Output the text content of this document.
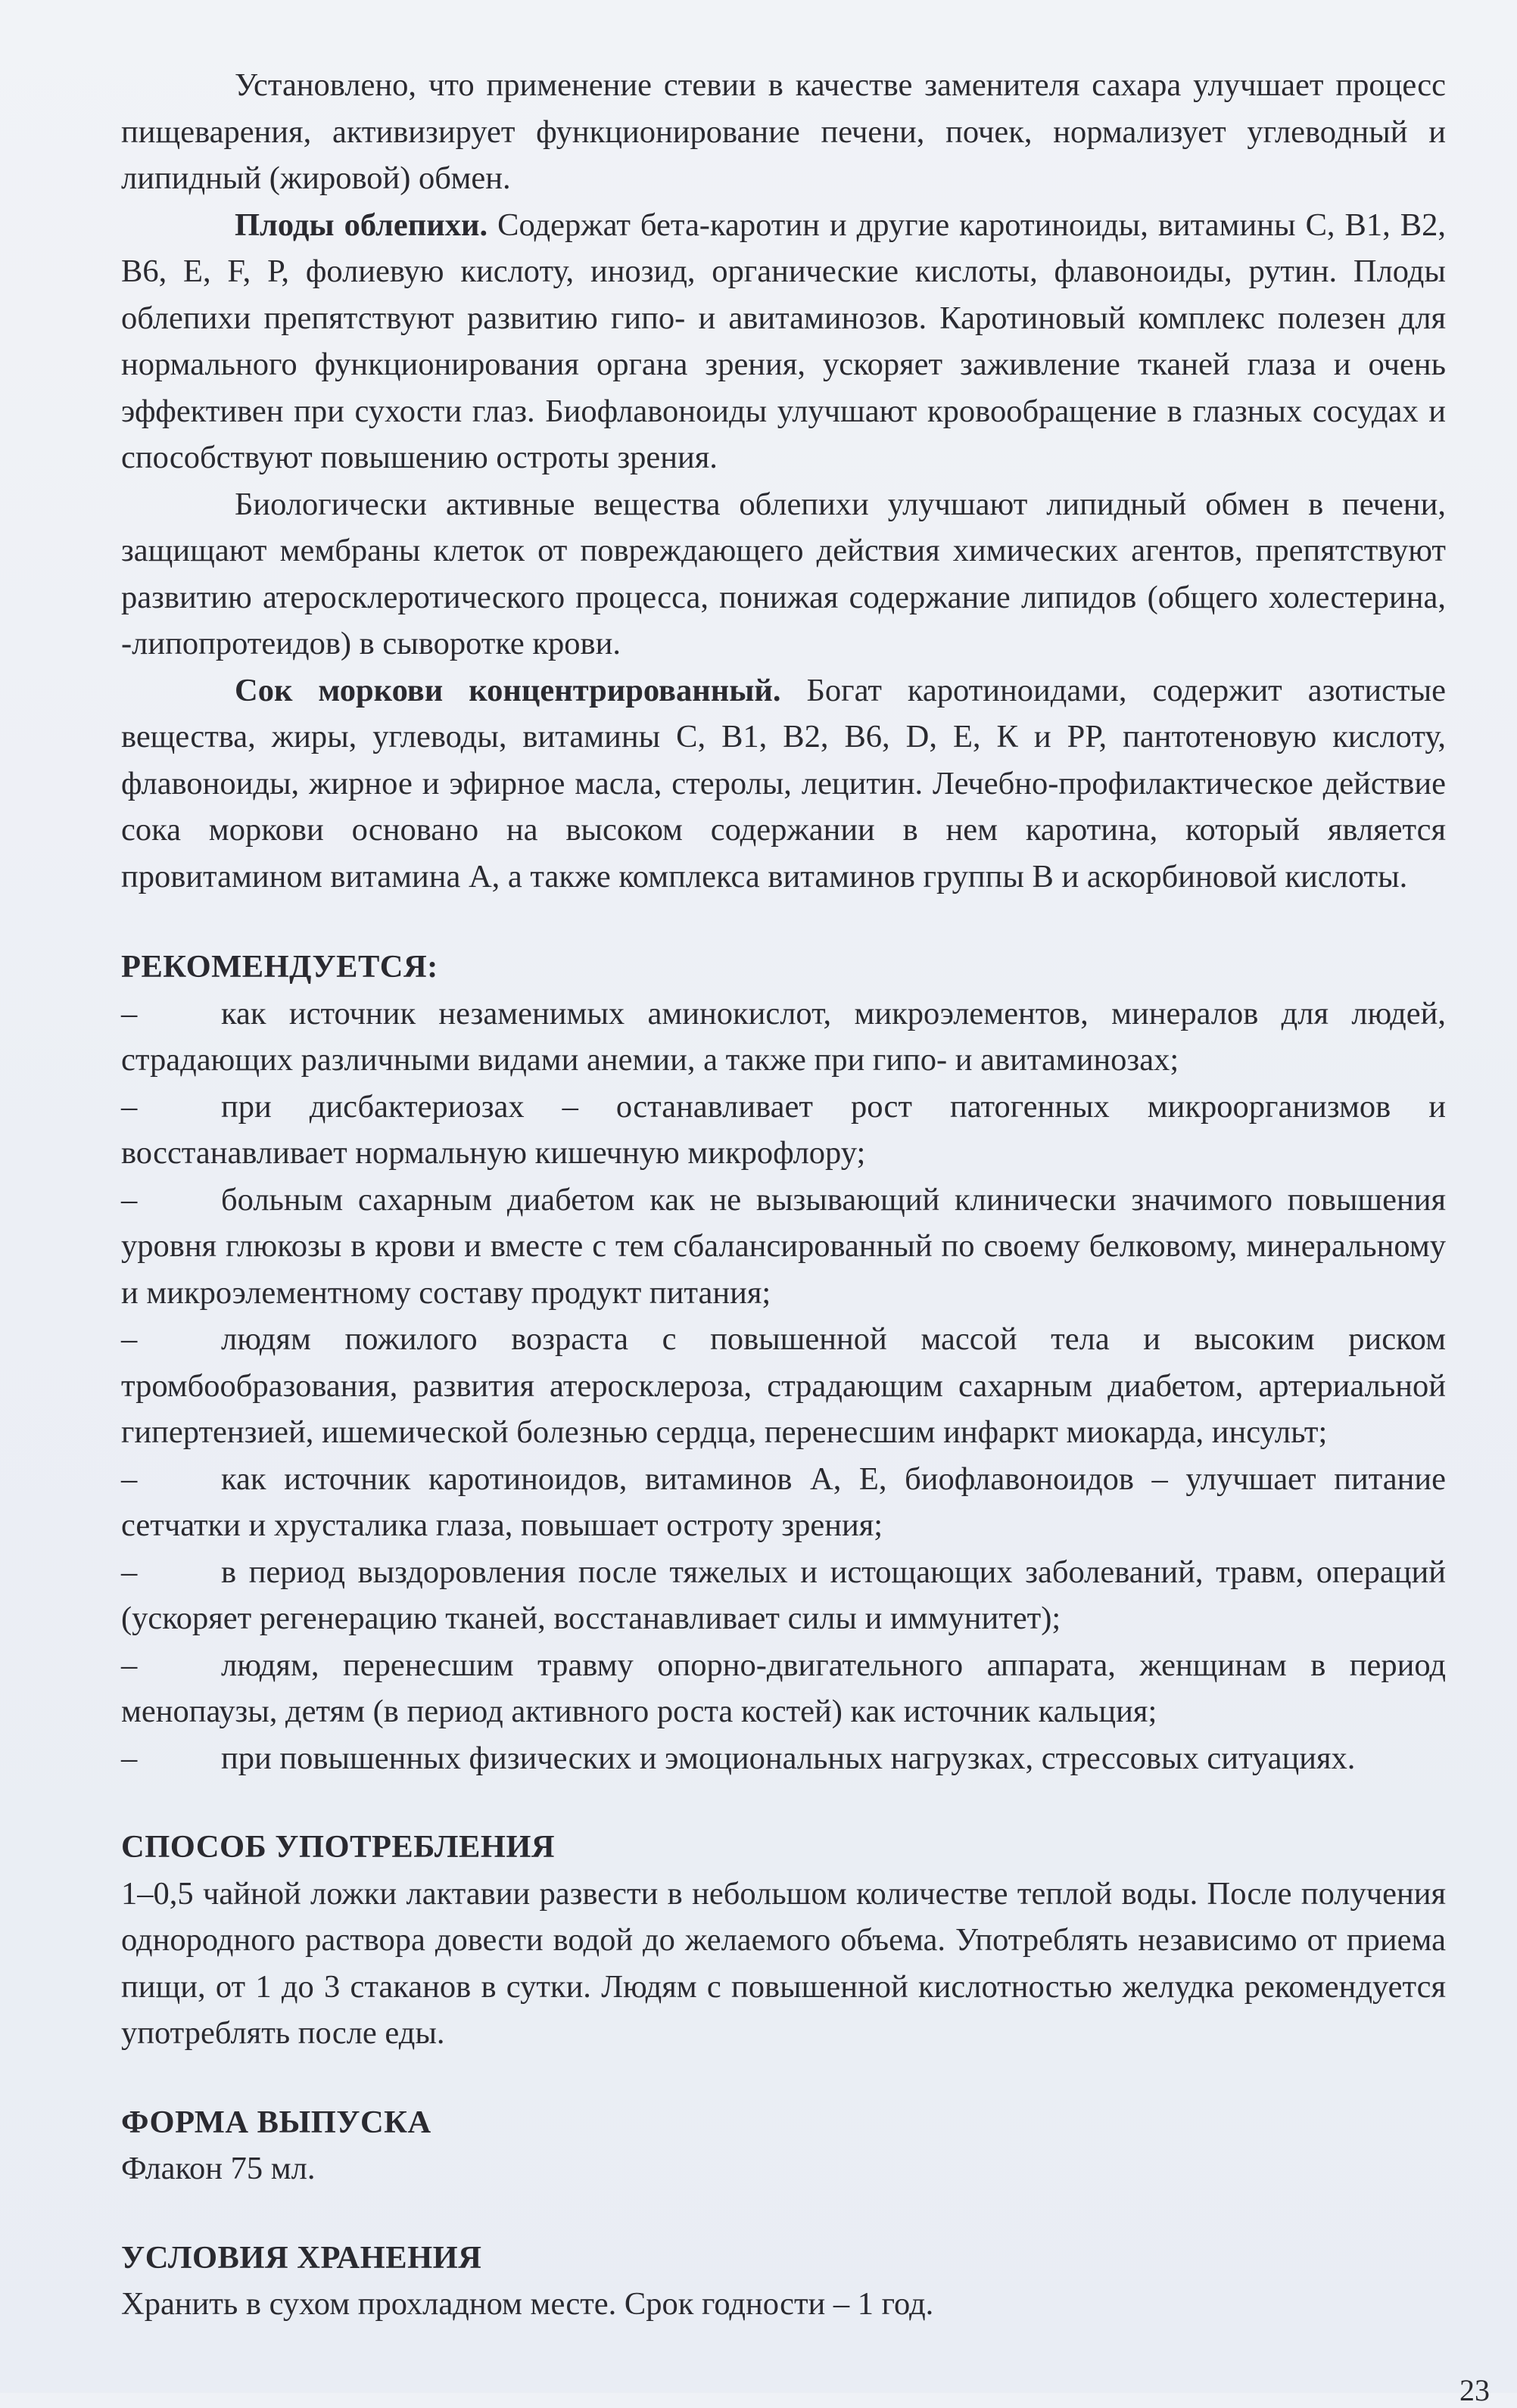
Установлено, что применение стевии в качестве заменителя сахара улучшает процесс пищеварения, активизирует функционирование печени, почек, нормализует углеводный и липидный (жировой) обмен.

Плоды облепихи. Содержат бета-каротин и другие каротиноиды, витамины С, В1, В2, В6, Е, F, Р, фолиевую кислоту, инозид, органические кислоты, флавоноиды, рутин. Плоды облепихи препятствуют развитию гипо- и авитаминозов. Каротиновый комплекс полезен для нормального функционирования органа зрения, ускоряет заживление тканей глаза и очень эффективен при сухости глаз. Биофлавоноиды улучшают кровообращение в глазных сосудах и способствуют повышению остроты зрения.

Биологически активные вещества облепихи улучшают липидный обмен в печени, защищают мембраны клеток от повреждающего действия химических агентов, препятствуют развитию атеросклеротического процесса, понижая содержание липидов (общего холестерина, -липопротеидов) в сыворотке крови.

Сок моркови концентрированный. Богат каротиноидами, содержит азотистые вещества, жиры, углеводы, витамины С, В1, В2, В6, D, Е, К и РР, пантотеновую кислоту, флавоноиды, жирное и эфирное масла, стеролы, лецитин. Лечебно-профилактическое действие сока моркови основано на высоком содержании в нем каротина, который является провитамином витамина А, а также комплекса витаминов группы В и аскорбиновой кислоты.

РЕКОМЕНДУЕТСЯ:

–	как источник незаменимых аминокислот, микроэлементов, минералов для людей, страдающих различными видами анемии, а также при гипо- и авитаминозах;

–	при дисбактериозах – останавливает рост патогенных микроорганизмов и восстанавливает нормальную кишечную микрофлору;

–	больным сахарным диабетом как не вызывающий клинически значимого повышения уровня глюкозы в крови и вместе с тем сбалансированный по своему белковому, минеральному и микроэлементному составу продукт питания;

–	людям пожилого возраста с повышенной массой тела и высоким риском тромбообразования, развития атеросклероза, страдающим сахарным диабетом, артериальной гипертензией, ишемической болезнью сердца, перенесшим инфаркт миокарда, инсульт;

–	как источник каротиноидов, витаминов А, Е, биофлавоноидов – улучшает питание сетчатки и хрусталика глаза, повышает остроту зрения;

–	в период выздоровления после тяжелых и истощающих заболеваний, травм, операций (ускоряет регенерацию тканей, восстанавливает силы и иммунитет);

–	людям, перенесшим травму опорно-двигательного аппарата, женщинам в период менопаузы, детям (в период активного роста костей) как источник кальция;

–	при повышенных физических и эмоциональных нагрузках, стрессовых ситуациях.

СПОСОБ УПОТРЕБЛЕНИЯ

1–0,5 чайной ложки лактавии развести в небольшом количестве теплой воды. После получения однородного раствора довести водой до желаемого объема. Употреблять независимо от приема пищи, от 1 до 3 стаканов в сутки. Людям с повышенной кислотностью желудка рекомендуется употреблять после еды.

ФОРМА ВЫПУСКА

Флакон 75 мл.

УСЛОВИЯ ХРАНЕНИЯ

Хранить в сухом прохладном месте. Срок годности – 1 год.

23
